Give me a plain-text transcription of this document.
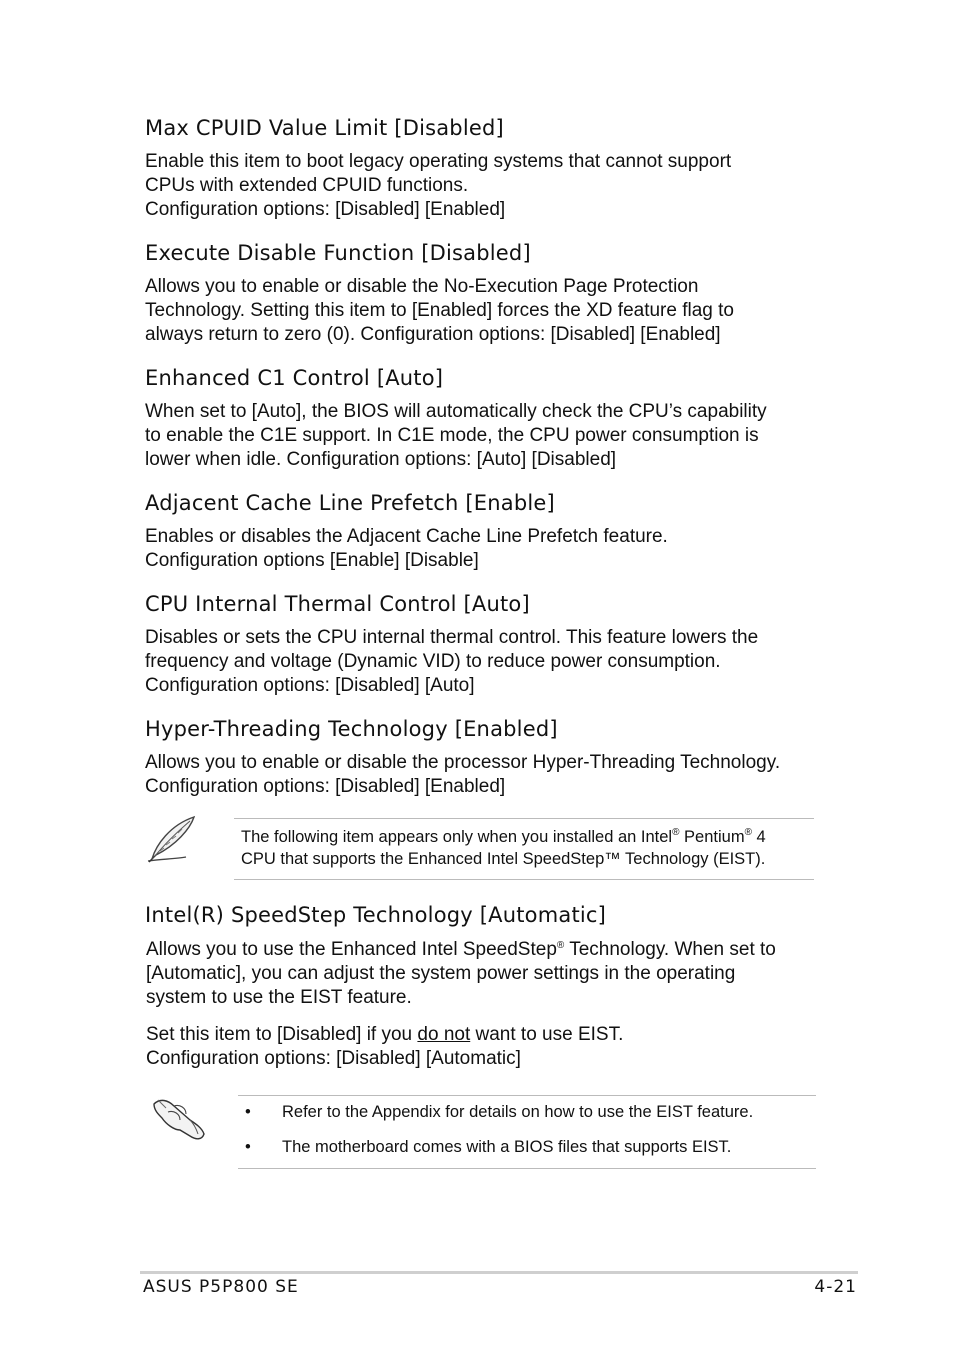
Max CPUID Value Limit [Disabled]

Enable this item to boot legacy operating systems that cannot support
CPUs with extended CPUID functions.
Configuration options: [Disabled] [Enabled]

Execute Disable Function [Disabled]

Allows you to enable or disable the No-Execution Page Protection
Technology. Setting this item to [Enabled] forces the XD feature flag to
always return to zero (0). Configuration options: [Disabled] [Enabled]

Enhanced C1 Control [Auto]

When set to [Auto], the BIOS will automatically check the CPU’s capability
to enable the C1E support. In C1E mode, the CPU power consumption is
lower when idle. Configuration options: [Auto] [Disabled]

Adjacent Cache Line Prefetch [Enable]

Enables or disables the Adjacent Cache Line Prefetch feature.
Configuration options [Enable] [Disable]

CPU Internal Thermal Control [Auto]

Disables or sets the CPU internal thermal control. This feature lowers the
frequency and voltage (Dynamic VID) to reduce power consumption.
Configuration options: [Disabled] [Auto]

Hyper-Threading Technology [Enabled]

Allows you to enable or disable the processor Hyper-Threading Technology.
Configuration options: [Disabled] [Enabled]

The following item appears only when you installed an Intel® Pentium® 4
CPU that supports the Enhanced Intel SpeedStep™ Technology (EIST).

Intel(R) SpeedStep Technology [Automatic]

Allows you to use the Enhanced Intel SpeedStep® Technology. When set to
[Automatic], you can adjust the system power settings in the operating
system to use the EIST feature.

Set this item to [Disabled] if you do not want to use EIST.
Configuration options: [Disabled] [Automatic]

• Refer to the Appendix for details on how to use the EIST feature.
• The motherboard comes with a BIOS files that supports EIST.
ASUS P5P800 SE	4-21
